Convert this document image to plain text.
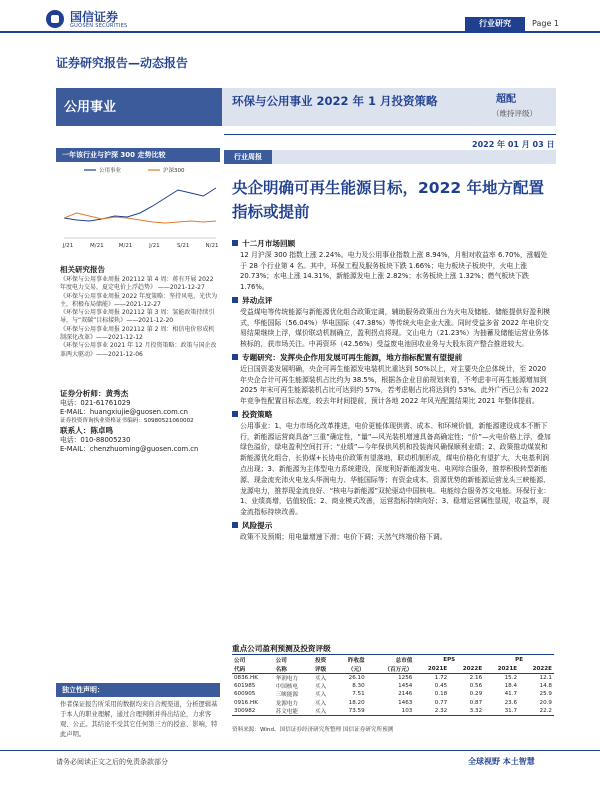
国信证券
GUOSEN SECURITIES	行业研究	Page 1
证券研究报告—动态报告
公用事业	环保与公用事业 2022 年 1 月投资策略	超配
（维持评级）
2022 年 01 月 03 日
一年该行业与沪深 300 走势比较
公用事业	沪深300
J/21	M/21	M/21	J/21	S/21	N/21
相关研究报告
《环保与公用事业周报 202112 第 4 周：蒋有开展 2022 年度电力交易，夏定电价上浮趋势》 ——2021-12-27
《环保与公用事业周报 2022 年度策略：坚持风电，光伏为主，积极布局储能》——2021-12-27
《环保与公用事业周报 202112 第 3 周：氢能政策持续引导，与“双碳”目标接轨》——2021-12-20
《环保与公用事业周报 202112 第 2 周：相信电价形成机制深化改革》——2021-12-12
《环保与公用事业 2021 年 12 月投资策略：政策与国企改革两大驱动》——2021-12-06
证券分析师：黄秀杰
电话：021-61761029
E-MAIL：huangxiujie@guosen.com.cn
证券投资咨询执业资格证书编码：S0980521060002
联系人：陈卓鸣
电话：010-88005230
E-MAIL：chenzhuoming@guosen.com.cn
独立性声明：
作者保证报告所采用的数据均来自合规渠道，分析逻辑基于本人的职业理解，通过合理判断并得出结论，力求客观、公正。其结论不受其它任何第三方的授意、影响，特此声明。
行业周报
央企明确可再生能源目标，2022 年地方配置指标或提前
十二月市场回顾
12 月沪深 300 指数上涨 2.24%。电力及公用事业指数上涨 8.94%，月相对收益率 6.70%，涨幅处于 28 个行业第 4 名。其中，环保工程及服务板块下跌 1.66%；电力板块子板块中，火电上涨 20.73%；水电上涨 14.31%，新能源发电上涨 2.82%；水务板块上涨 1.32%；燃气板块下跌 1.76%。
异动点评
受益煤电等传统能源与新能源优化组合政策定调，辅助服务政策出台为火电及储能、储能提供好盈利模式，华能国际（56.04%）华电国际（47.38%）等传统火电企业大涨。同时受益多省 2022 年电价交易结果继续上浮，煤价联动机制确立，盈利拐点将现。文山电力（21.23%）为抽蓄及储能运营业务体核标的，获市场关注。中再资环（42.56%）受益废电池回收业务与大股东资产整合推进较大。
专题研究：发挥央企作用发展可再生能源，地方指标配置有望提前
近日国资委发展明确，央企可再生能源发电装机比重达到 50%以上，对主要央企总体统计，至 2020 年央企合计可再生能源装机占比约为 38.5%，根据各企业目前规划来看，不考虑非可再生能源增加到 2025 年末可再生能源装机占比可达到约 57%，若考虑剔占比将达到约 53%。此外广西已公布 2022 年竞争性配置目标态度，较去年时间提前，预计各地 2022 年风光配置结果比 2021 年整体提前。
投资策略
公用事业：1、电力市场化改革推进，电价更能体现供需、成本、和环境价值，新能源建设成本不断下行，新能源运营商具备“三重”确定性，“量”—风光装机增速具备高确定性；“价”—火电价格上浮，叠加绿色溢价，绿电盈利空间打开；“业绩”—今年保供风机和投装海风确保顺利业绩；2、政策推动煤炭和新能源优化组合，长协煤+长协电价政策有望落地，联动机制形成，煤电价格化有望扩大，大电基利润点出现；3、新能源为主体型电力系统建设，深度利好新能源发电、电网综合服务，推荐积极转型新能源、现金流充沛火电龙头华润电力、华能国际等；有资金成本、资源优势的新能源运营龙头三峡能源、龙源电力，推荐现金流良好、“核电与新能源”双轮驱动中国核电。电能综合服务苏文电能。环保行业：1、业绩高增，估值较低；2、商业模式改善，运营指标持续向好；3、稳增运营属性显现，收益率，现金流指标持续改善。
风险提示
政策不及预期；用电量增速下滑；电价下调；天然气终端价格下调。
重点公司盈利预测及投资评级
公司	公司	投资	昨收盘	总市值	EPS		PE	
代码	名称	评级	（元）	（百万元）	2021E	2022E	2021E	2022E
0836.HK	华润电力	买入	26.10	1256	1.72	2.16	15.2	12.1
601985	中国核电	买入	8.30	1454	0.45	0.56	18.4	14.8
600905	三峡能源	买入	7.51	2146	0.18	0.29	41.7	25.9
0916.HK	龙源电力	买入	18.20	1463	0.77	0.87	23.6	20.9
300982	苏文电能	买入	73.59	103	2.32	3.32	31.7	22.2
资料来源：Wind、国信证券经济研究所整理 国信证券研究所预测
请务必阅读正文之后的免责条款部分	全球视野 本土智慧
